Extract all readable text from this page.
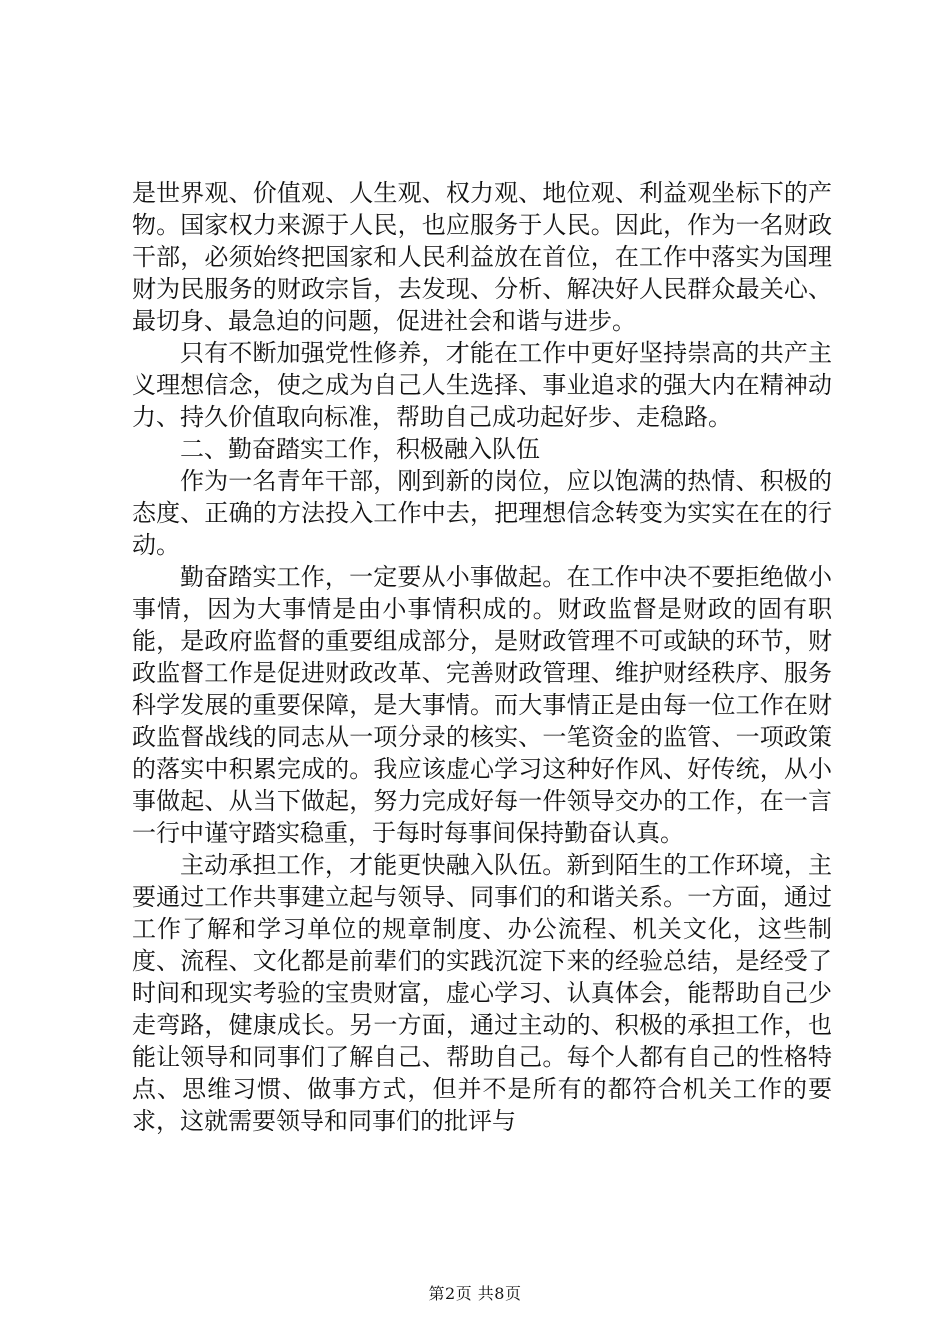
是世界观、价值观、人生观、权力观、地位观、利益观坐标下的产物。国家权力来源于人民，也应服务于人民。因此，作为一名财政干部，必须始终把国家和人民利益放在首位，在工作中落实为国理财为民服务的财政宗旨，去发现、分析、解决好人民群众最关心、最切身、最急迫的问题，促进社会和谐与进步。

只有不断加强党性修养，才能在工作中更好坚持崇高的共产主义理想信念，使之成为自己人生选择、事业追求的强大内在精神动力、持久价值取向标准，帮助自己成功起好步、走稳路。

二、勤奋踏实工作，积极融入队伍

作为一名青年干部，刚到新的岗位，应以饱满的热情、积极的态度、正确的方法投入工作中去，把理想信念转变为实实在在的行动。

勤奋踏实工作，一定要从小事做起。在工作中决不要拒绝做小事情，因为大事情是由小事情积成的。财政监督是财政的固有职能，是政府监督的重要组成部分，是财政管理不可或缺的环节，财政监督工作是促进财政改革、完善财政管理、维护财经秩序、服务科学发展的重要保障，是大事情。而大事情正是由每一位工作在财政监督战线的同志从一项分录的核实、一笔资金的监管、一项政策的落实中积累完成的。我应该虚心学习这种好作风、好传统，从小事做起、从当下做起，努力完成好每一件领导交办的工作，在一言一行中谨守踏实稳重，于每时每事间保持勤奋认真。

主动承担工作，才能更快融入队伍。新到陌生的工作环境，主要通过工作共事建立起与领导、同事们的和谐关系。一方面，通过工作了解和学习单位的规章制度、办公流程、机关文化，这些制度、流程、文化都是前辈们的实践沉淀下来的经验总结，是经受了时间和现实考验的宝贵财富，虚心学习、认真体会，能帮助自己少走弯路，健康成长。另一方面，通过主动的、积极的承担工作，也能让领导和同事们了解自己、帮助自己。每个人都有自己的性格特点、思维习惯、做事方式，但并不是所有的都符合机关工作的要求，这就需要领导和同事们的批评与

第2页 共8页
